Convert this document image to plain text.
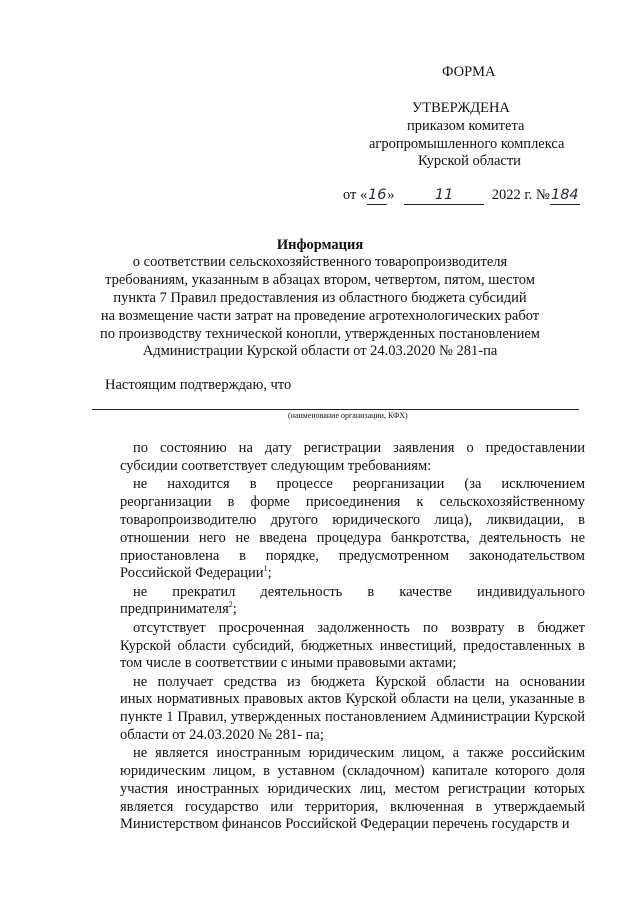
ФОРМА
УТВЕРЖДЕНА
приказом комитета
агропромышленного комплекса
Курской области
от «16»	11	2022 г. №184
Информация
о соответствии сельскохозяйственного товаропроизводителя
требованиям, указанным в абзацах втором, четвертом, пятом, шестом
пункта 7 Правил предоставления из областного бюджета субсидий
на возмещение части затрат на проведение агротехнологических работ
по производству технической конопли, утвержденных постановлением
Администрации Курской области от 24.03.2020 № 281-па
Настоящим подтверждаю, что
(наименование организации, КФХ)
по состоянию на дату регистрации заявления о предоставлении
субсидии соответствует следующим требованиям:
не находится в процессе реорганизации (за исключением
реорганизации в форме присоединения к сельскохозяйственному
товаропроизводителю другого юридического лица), ликвидации, в
отношении него не введена процедура банкротства, деятельность не
приостановлена в порядке, предусмотренном законодательством
Российской Федерации$^1$;
не прекратил деятельность в качестве индивидуального
предпринимателя$^2$;
отсутствует просроченная задолженность по возврату в бюджет
Курской области субсидий, бюджетных инвестиций, предоставленных в
том числе в соответствии с иными правовыми актами;
не получает средства из бюджета Курской области на основании
иных нормативных правовых актов Курской области на цели, указанные в
пункте 1 Правил, утвержденных постановлением Администрации Курской
области от 24.03.2020 № 281- па;
не является иностранным юридическим лицом, а также российским
юридическим лицом, в уставном (складочном) капитале которого доля
участия иностранных юридических лиц, местом регистрации которых
является государство или территория, включенная в утверждаемый
Министерством финансов Российской Федерации перечень государств и
